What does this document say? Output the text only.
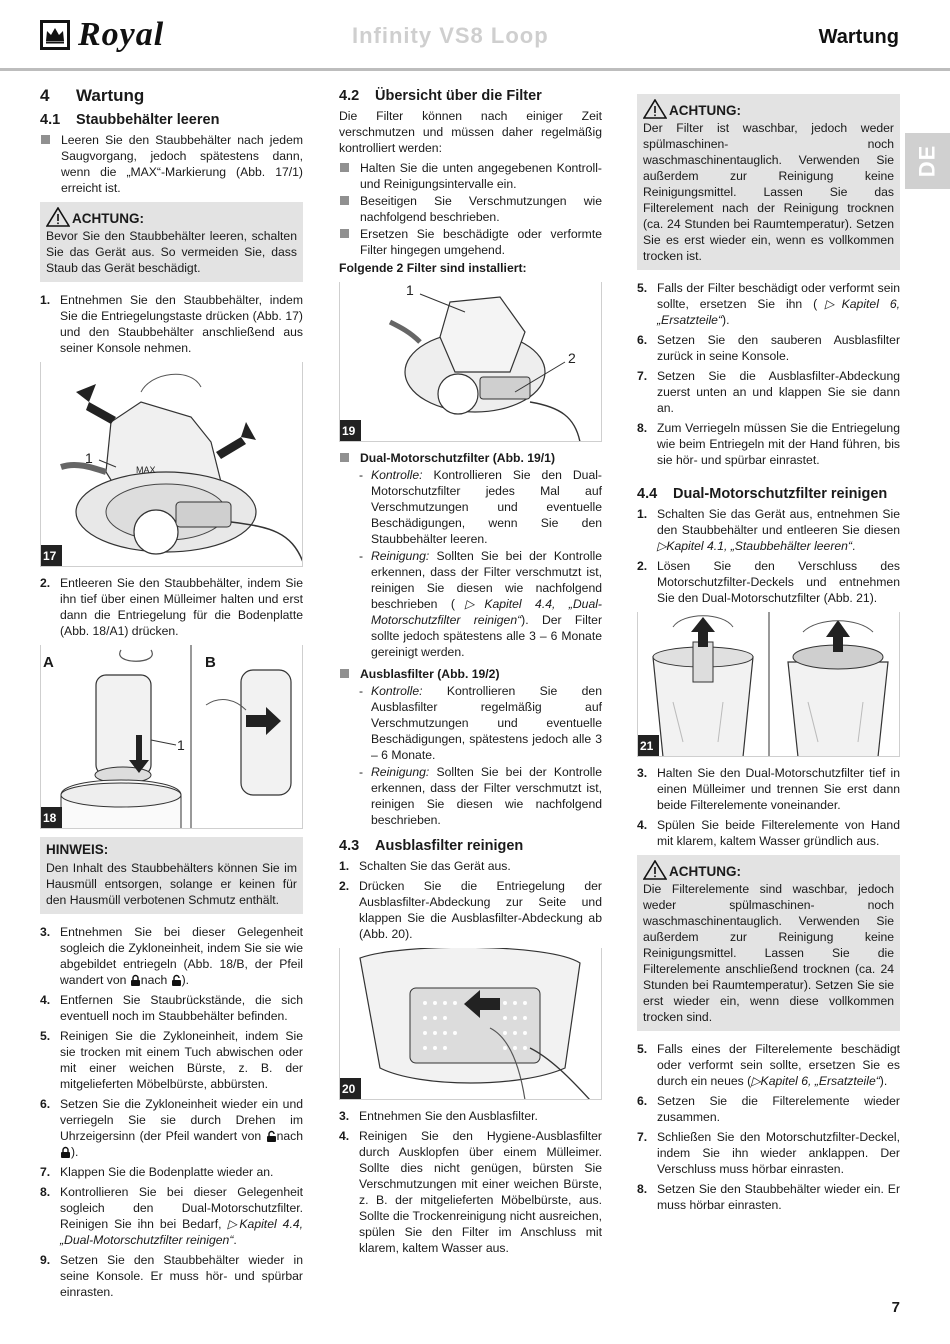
Royal	Infinity VS8 Loop	Wartung
DE
4	Wartung
4.1	Staubbehälter leeren
Leeren Sie den Staubbehälter nach jedem Saugvorgang, jedoch spätestens dann, wenn die „MAX“-Markierung (Abb. 17/1) erreicht ist.
ACHTUNG:
Bevor Sie den Staubbehälter leeren, schalten Sie das Gerät aus. So vermeiden Sie, dass Staub das Gerät beschädigt.
1. Entnehmen Sie den Staubbehälter, indem Sie die Entriegelungstaste drücken (Abb. 17) und den Staubbehälter anschließend aus seiner Konsole nehmen.
1
MAX
17
2. Entleeren Sie den Staubbehälter, indem Sie ihn tief über einen Mülleimer halten und erst dann die Entriegelung für die Bodenplatte (Abb. 18/A1) drücken.
A	B
1
18
HINWEIS:
Den Inhalt des Staubbehälters können Sie im Hausmüll entsorgen, solange er keinen für den Hausmüll verbotenen Schmutz enthält.
3. Entnehmen Sie bei dieser Gelegenheit sogleich die Zykloneinheit, indem Sie sie wie abgebildet entriegeln (Abb. 18/B, der Pfeil wandert von nach ).
4. Entfernen Sie Staubrückstände, die sich eventuell noch im Staubbehälter befinden.
5. Reinigen Sie die Zykloneinheit, indem Sie sie trocken mit einem Tuch abwischen oder mit einer weichen Bürste, z. B. der mitgelieferten Möbelbürste, abbürsten.
6. Setzen Sie die Zykloneinheit wieder ein und verriegeln Sie sie durch Drehen im Uhrzeigersinn (der Pfeil wandert von nach ).
7. Klappen Sie die Bodenplatte wieder an.
8. Kontrollieren Sie bei dieser Gelegenheit sogleich den Dual-Motorschutzfilter. Reinigen Sie ihn bei Bedarf, ▷Kapitel 4.4, „Dual-Motorschutzfilter reinigen“.
9. Setzen Sie den Staubbehälter wieder in seine Konsole. Er muss hör- und spürbar einrasten.
4.2	Übersicht über die Filter
Die Filter können nach einiger Zeit verschmutzen und müssen daher regelmäßig kontrolliert werden:
Halten Sie die unten angegebenen Kontroll- und Reinigungsintervalle ein.
Beseitigen Sie Verschmutzungen wie nachfolgend beschrieben.
Ersetzen Sie beschädigte oder verformte Filter hingegen umgehend.
Folgende 2 Filter sind installiert:
1
2
19
Dual-Motorschutzfilter (Abb. 19/1)
- Kontrolle: Kontrollieren Sie den Dual-Motorschutzfilter jedes Mal auf Verschmutzungen und eventuelle Beschädigungen, wenn Sie den Staubbehälter leeren.
- Reinigung: Sollten Sie bei der Kontrolle erkennen, dass der Filter verschmutzt ist, reinigen Sie diesen wie nachfolgend beschrieben (▷Kapitel 4.4, „Dual-Motorschutzfilter reinigen“). Der Filter sollte jedoch spätestens alle 3 – 6 Monate gereinigt werden.
Ausblasfilter (Abb. 19/2)
- Kontrolle: Kontrollieren Sie den Ausblasfilter regelmäßig auf Verschmutzungen und eventuelle Beschädigungen, spätestens jedoch alle 3 – 6 Monate.
- Reinigung: Sollten Sie bei der Kontrolle erkennen, dass der Filter verschmutzt ist, reinigen Sie diesen wie nachfolgend beschrieben.
4.3	Ausblasfilter reinigen
1. Schalten Sie das Gerät aus.
2. Drücken Sie die Entriegelung der Ausblasfilter-Abdeckung zur Seite und klappen Sie die Ausblasfilter-Abdeckung ab (Abb. 20).
20
3. Entnehmen Sie den Ausblasfilter.
4. Reinigen Sie den Hygiene-Ausblasfilter durch Ausklopfen über einem Mülleimer. Sollte dies nicht genügen, bürsten Sie Verschmutzungen mit einer weichen Bürste, z. B. der mitgelieferten Möbelbürste, aus. Sollte die Trockenreinigung nicht ausreichen, spülen Sie den Filter im Anschluss mit klarem, kaltem Wasser aus.
ACHTUNG:
Der Filter ist waschbar, jedoch weder spülmaschinen- noch waschmaschinentauglich. Verwenden Sie außerdem zur Reinigung keine Reinigungsmittel. Lassen Sie das Filterelement nach der Reinigung trocknen (ca. 24 Stunden bei Raumtemperatur). Setzen Sie es erst wieder ein, wenn es vollkommen trocken ist.
5. Falls der Filter beschädigt oder verformt sein sollte, ersetzen Sie ihn (▷Kapitel 6, „Ersatzteile“).
6. Setzen Sie den sauberen Ausblasfilter zurück in seine Konsole.
7. Setzen Sie die Ausblasfilter-Abdeckung zuerst unten an und klappen Sie sie dann an.
8. Zum Verriegeln müssen Sie die Entriegelung wie beim Entriegeln mit der Hand führen, bis sie hör- und spürbar einrastet.
4.4	Dual-Motorschutzfilter reinigen
1. Schalten Sie das Gerät aus, entnehmen Sie den Staubbehälter und entleeren Sie diesen ▷Kapitel 4.1, „Staubbehälter leeren“.
2. Lösen Sie den Verschluss des Motorschutzfilter-Deckels und entnehmen Sie den Dual-Motorschutzfilter (Abb. 21).
21
3. Halten Sie den Dual-Motorschutzfilter tief in einen Mülleimer und trennen Sie erst dann beide Filterelemente voneinander.
4. Spülen Sie beide Filterelemente von Hand mit klarem, kaltem Wasser gründlich aus.
ACHTUNG:
Die Filterelemente sind waschbar, jedoch weder spülmaschinen- noch waschmaschinentauglich. Verwenden Sie außerdem zur Reinigung keine Reinigungsmittel. Lassen Sie die Filterelemente anschließend trocknen (ca. 24 Stunden bei Raumtemperatur). Setzen Sie sie erst wieder ein, wenn diese vollkommen trocken sind.
5. Falls eines der Filterelemente beschädigt oder verformt sein sollte, ersetzen Sie es durch ein neues (▷Kapitel 6, „Ersatzteile“).
6. Setzen Sie die Filterelemente wieder zusammen.
7. Schließen Sie den Motorschutzfilter-Deckel, indem Sie ihn wieder anklappen. Der Verschluss muss hörbar einrasten.
8. Setzen Sie den Staubbehälter wieder ein. Er muss hörbar einrasten.
7
